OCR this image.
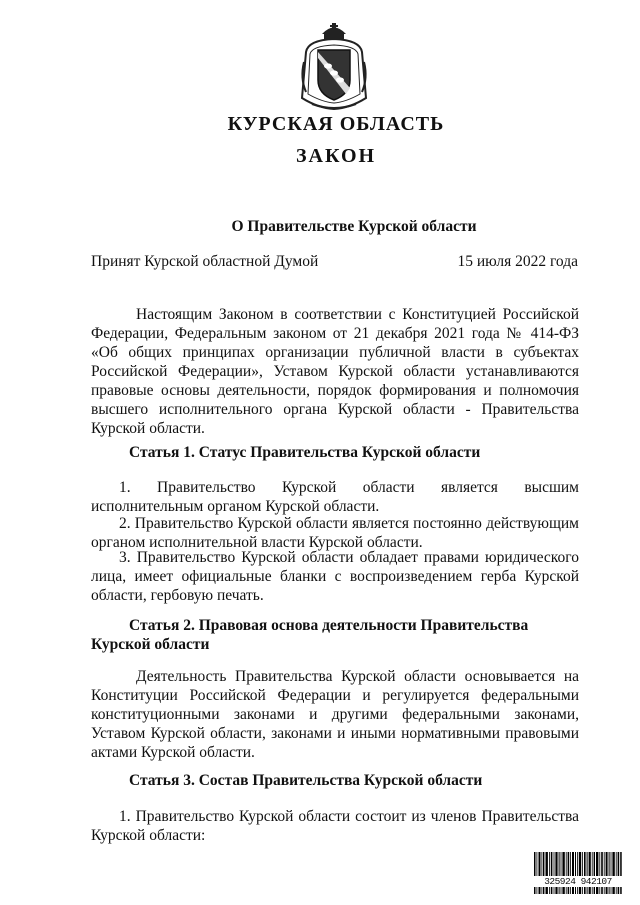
КУРСКАЯ ОБЛАСТЬ
ЗАКОН
О Правительстве Курской области
Принят Курской областной Думой	15 июля 2022 года

Настоящим Законом в соответствии с Конституцией Российской Федерации, Федеральным законом от 21 декабря 2021 года № 414-ФЗ «Об общих принципах организации публичной власти в субъектах Российской Федерации», Уставом Курской области устанавливаются правовые основы деятельности, порядок формирования и полномочия высшего исполнительного органа Курской области - Правительства Курской области.

Статья 1. Статус Правительства Курской области

1. Правительство Курской области является высшим исполнительным органом Курской области.

2. Правительство Курской области является постоянно действующим органом исполнительной власти Курской области.

3. Правительство Курской области обладает правами юридического лица, имеет официальные бланки с воспроизведением герба Курской области, гербовую печать.

Статья 2. Правовая основа деятельности Правительства Курской области

Деятельность Правительства Курской области основывается на Конституции Российской Федерации и регулируется федеральными конституционными законами и другими федеральными законами, Уставом Курской области, законами и иными нормативными правовыми актами Курской области.

Статья 3. Состав Правительства Курской области

1. Правительство Курской области состоит из членов Правительства Курской области:

325924 942107
